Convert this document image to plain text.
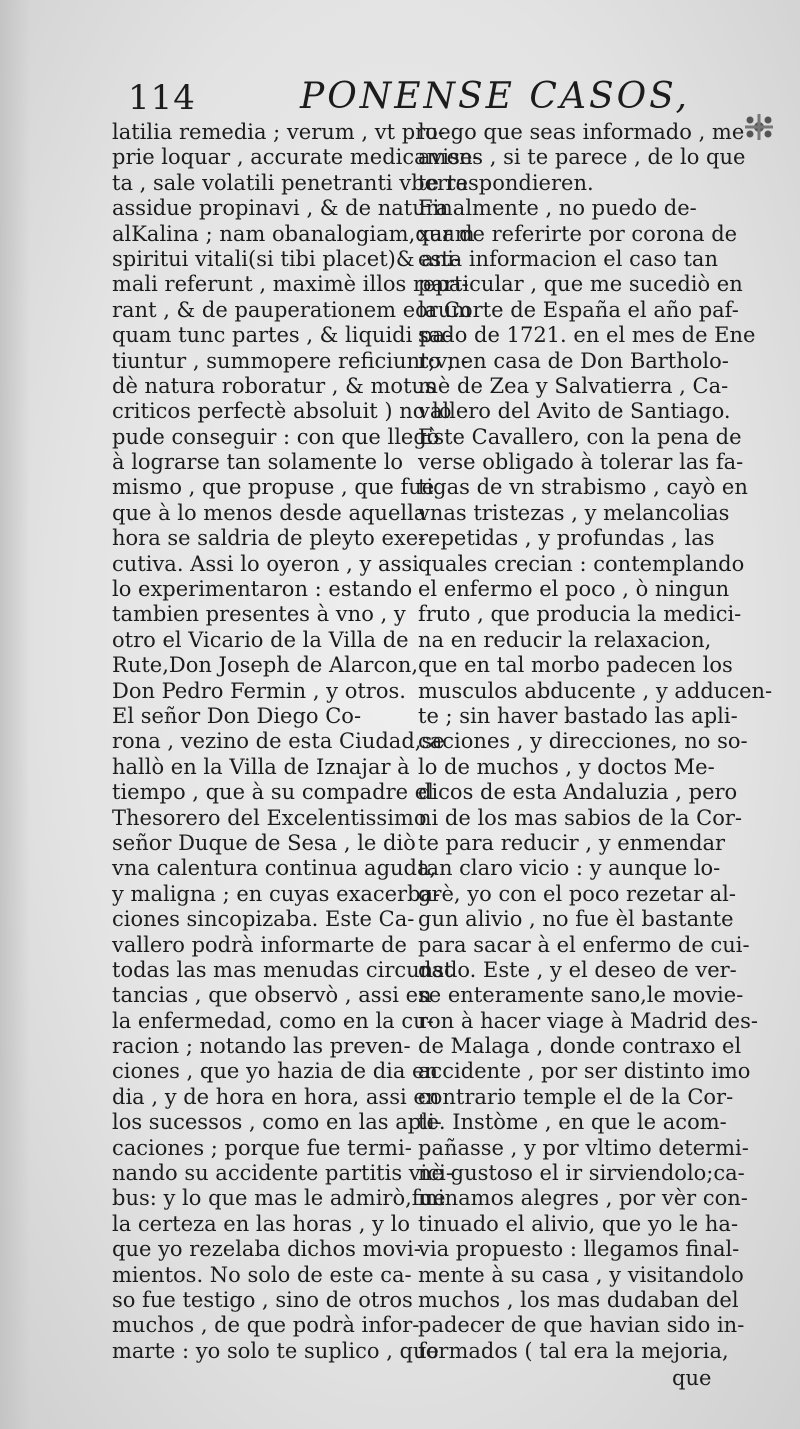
114	PONENSE CASOS,
latilia remedia ; verum , vt pro-
prie loquar , accurate medicamen-
ta , sale volatili penetranti vberta
assidue propinavi , & de natura
alKalina ; nam obanalogiam,quam
spiritui vitali(si tibi placet)& ani-
mali referunt , maximè illos repa-
rant , & de pauperationem eorum
quam tunc partes , & liquidi pa-
tiuntur , summopere reficiunt;vn-
dè natura roboratur , & motus
criticos perfectè absoluit ) no lo
pude conseguir : con que llegò
à lograrse tan solamente lo
mismo , que propuse , que fue
que à lo menos desde aquella
hora se saldria de pleyto exe-
cutiva. Assi lo oyeron , y assi
lo experimentaron : estando
tambien presentes à vno , y
otro el Vicario de la Villa de
Rute,Don Joseph de Alarcon,
Don Pedro Fermin , y otros.
El señor Don Diego Co-
rona , vezino de esta Ciudad,se
hallò en la Villa de Iznajar à
tiempo , que à su compadre el
Thesorero del Excelentissimo
señor Duque de Sesa , le diò
vna calentura continua aguda,
y maligna ; en cuyas exacerba-
ciones sincopizaba. Este Ca-
vallero podrà informarte de
todas las mas menudas circunst
tancias , que observò , assi en
la enfermedad, como en la cu-
racion ; notando las preven-
ciones , que yo hazia de dia en
dia , y de hora en hora, assi en
los sucessos , como en las apli-
caciones ; porque fue termi-
nando su accidente partitis vici-
bus: y lo que mas le admirò,fue
la certeza en las horas , y lo
que yo rezelaba dichos movi-
mientos. No solo de este ca-
so fue testigo , sino de otros
muchos , de que podrà infor-
marte : yo solo te suplico , que
luego que seas informado , me
avises , si te parece , de lo que
te respondieren.
Finalmente , no puedo de-
xar de referirte por corona de
esta informacion el caso tan
particular , que me sucediò en
la Corte de España el año paf-
sado de 1721. en el mes de Ene
ro , en casa de Don Bartholo-
mè de Zea y Salvatierra , Ca-
vallero del Avito de Santiago.
Este Cavallero, con la pena de
verse obligado à tolerar las fa-
tigas de vn strabismo , cayò en
vnas tristezas , y melancolias
repetidas , y profundas , las
quales crecian : contemplando
el enfermo el poco , ò ningun
fruto , que producia la medici-
na en reducir la relaxacion,
que en tal morbo padecen los
musculos abducente , y adducen-
te ; sin haver bastado las apli-
caciones , y direcciones, no so-
lo de muchos , y doctos Me-
dicos de esta Andaluzia , pero
ni de los mas sabios de la Cor-
te para reducir , y enmendar
tan claro vicio : y aunque lo-
grè, yo con el poco rezetar al-
gun alivio , no fue èl bastante
para sacar à el enfermo de cui-
dado. Este , y el deseo de ver-
se enteramente sano,le movie-
ron à hacer viage à Madrid des-
de Malaga , donde contraxo el
accidente , por ser distinto imo
contrario temple el de la Cor-
te. Instòme , en que le acom-
pañasse , y por vltimo determi-
nè gustoso el ir sirviendolo;ca-
minamos alegres , por vèr con-
tinuado el alivio, que yo le ha-
via propuesto : llegamos final-
mente à su casa , y visitandolo
muchos , los mas dudaban del
padecer de que havian sido in-
formados ( tal era la mejoria,
que
